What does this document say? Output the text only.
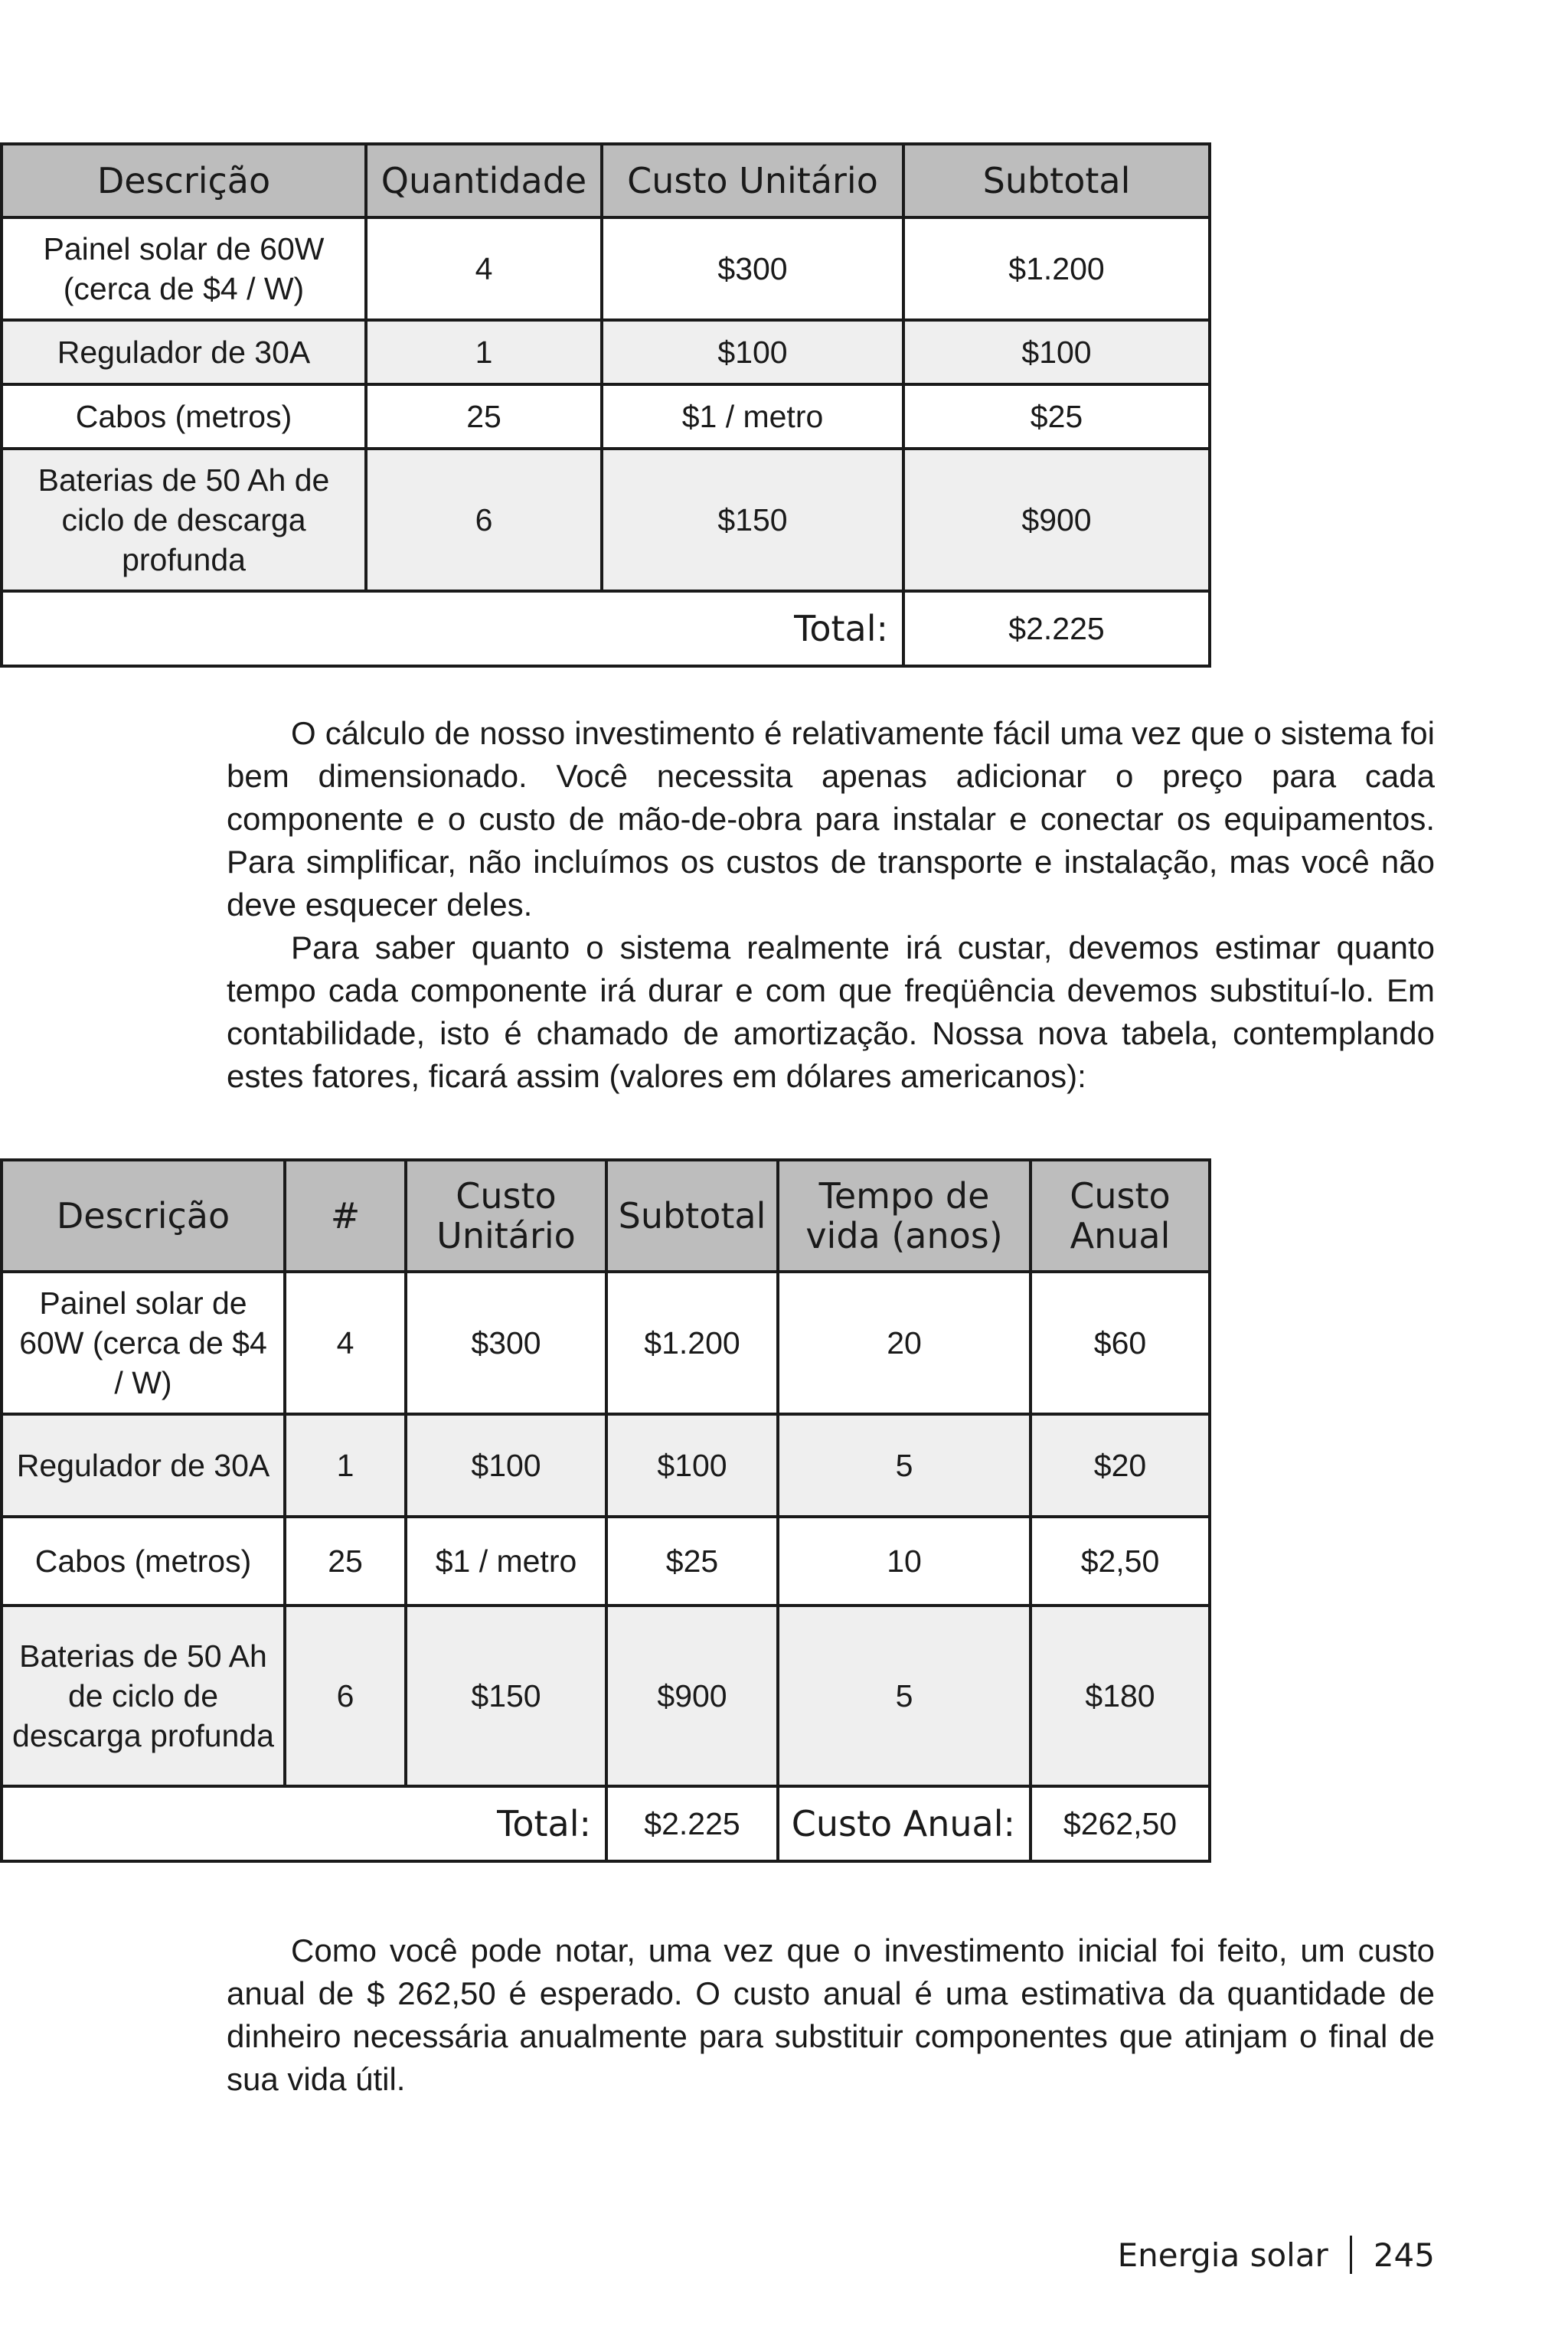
Descrição	Quantidade	Custo Unitário	Subtotal
Painel solar de 60W (cerca de $4 / W)	4	$300	$1.200
Regulador de 30A	1	$100	$100
Cabos (metros)	25	$1 / metro	$25
Baterias de 50 Ah de ciclo de descarga profunda	6	$150	$900
Total:			$2.225

O cálculo de nosso investimento é relativamente fácil uma vez que o sistema foi bem dimensionado. Você necessita apenas adicionar o preço para cada componente e o custo de mão-de-obra para instalar e conectar os equipamentos. Para simplificar, não incluímos os custos de transporte e instalação, mas você não deve esquecer deles.

Para saber quanto o sistema realmente irá custar, devemos estimar quanto tempo cada componente irá durar e com que freqüência devemos substituí-lo. Em contabilidade, isto é chamado de amortização. Nossa nova tabela, contemplando estes fatores, ficará assim (valores em dólares americanos):

Descrição	#	Custo Unitário	Subtotal	Tempo de vida (anos)	Custo Anual
Painel solar de 60W (cerca de $4 / W)	4	$300	$1.200	20	$60
Regulador de 30A	1	$100	$100	5	$20
Cabos (metros)	25	$1 / metro	$25	10	$2,50
Baterias de 50 Ah de ciclo de descarga profunda	6	$150	$900	5	$180
Total:			$2.225	Custo Anual:	$262,50

Como você pode notar, uma vez que o investimento inicial foi feito, um custo anual de $ 262,50 é esperado. O custo anual é uma estimativa da quantidade de dinheiro necessária anualmente para substituir componentes que atinjam o final de sua vida útil.

Energia solar 245
